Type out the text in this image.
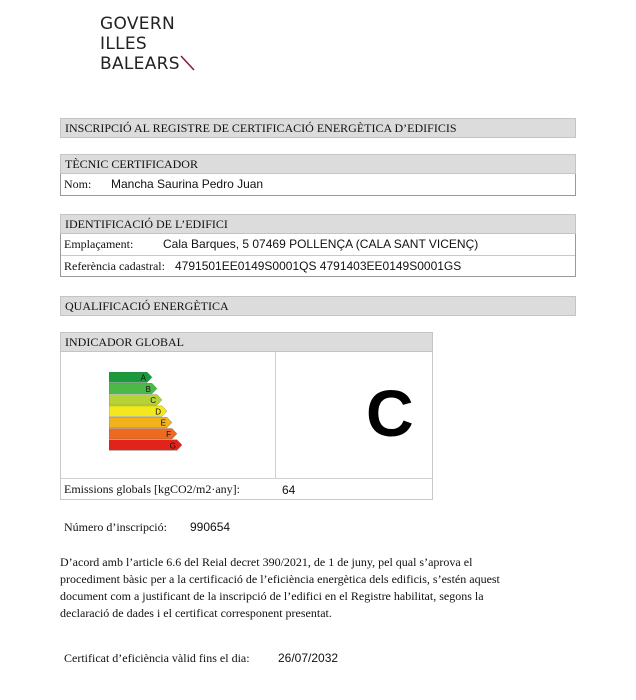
GOVERN
ILLES
BALEARS
INSCRIPCIÓ AL REGISTRE DE CERTIFICACIÓ ENERGÈTICA D’EDIFICIS
TÈCNIC CERTIFICADOR
Nom: Mancha Saurina Pedro Juan
IDENTIFICACIÓ DE L’EDIFICI
Emplaçament: Cala Barques, 5 07469 POLLENÇA (CALA SANT VICENÇ)
Referència cadastral: 4791501EE0149S0001QS 4791403EE0149S0001GS
QUALIFICACIÓ ENERGÈTICA
INDICADOR GLOBAL
A
B
C
D
E
F
G	C
Emissions globals [kgCO2/m2·any]:	64
Número d’inscripció: 990654
D’acord amb l’article 6.6 del Reial decret 390/2021, de 1 de juny, pel qual s’aprova el
procediment bàsic per a la certificació de l’eficiència energètica dels edificis, s’estén aquest
document com a justificant de la inscripció de l’edifici en el Registre habilitat, segons la
declaració de dades i el certificat corresponent presentat.
Certificat d’eficiència vàlid fins el dia: 26/07/2032
